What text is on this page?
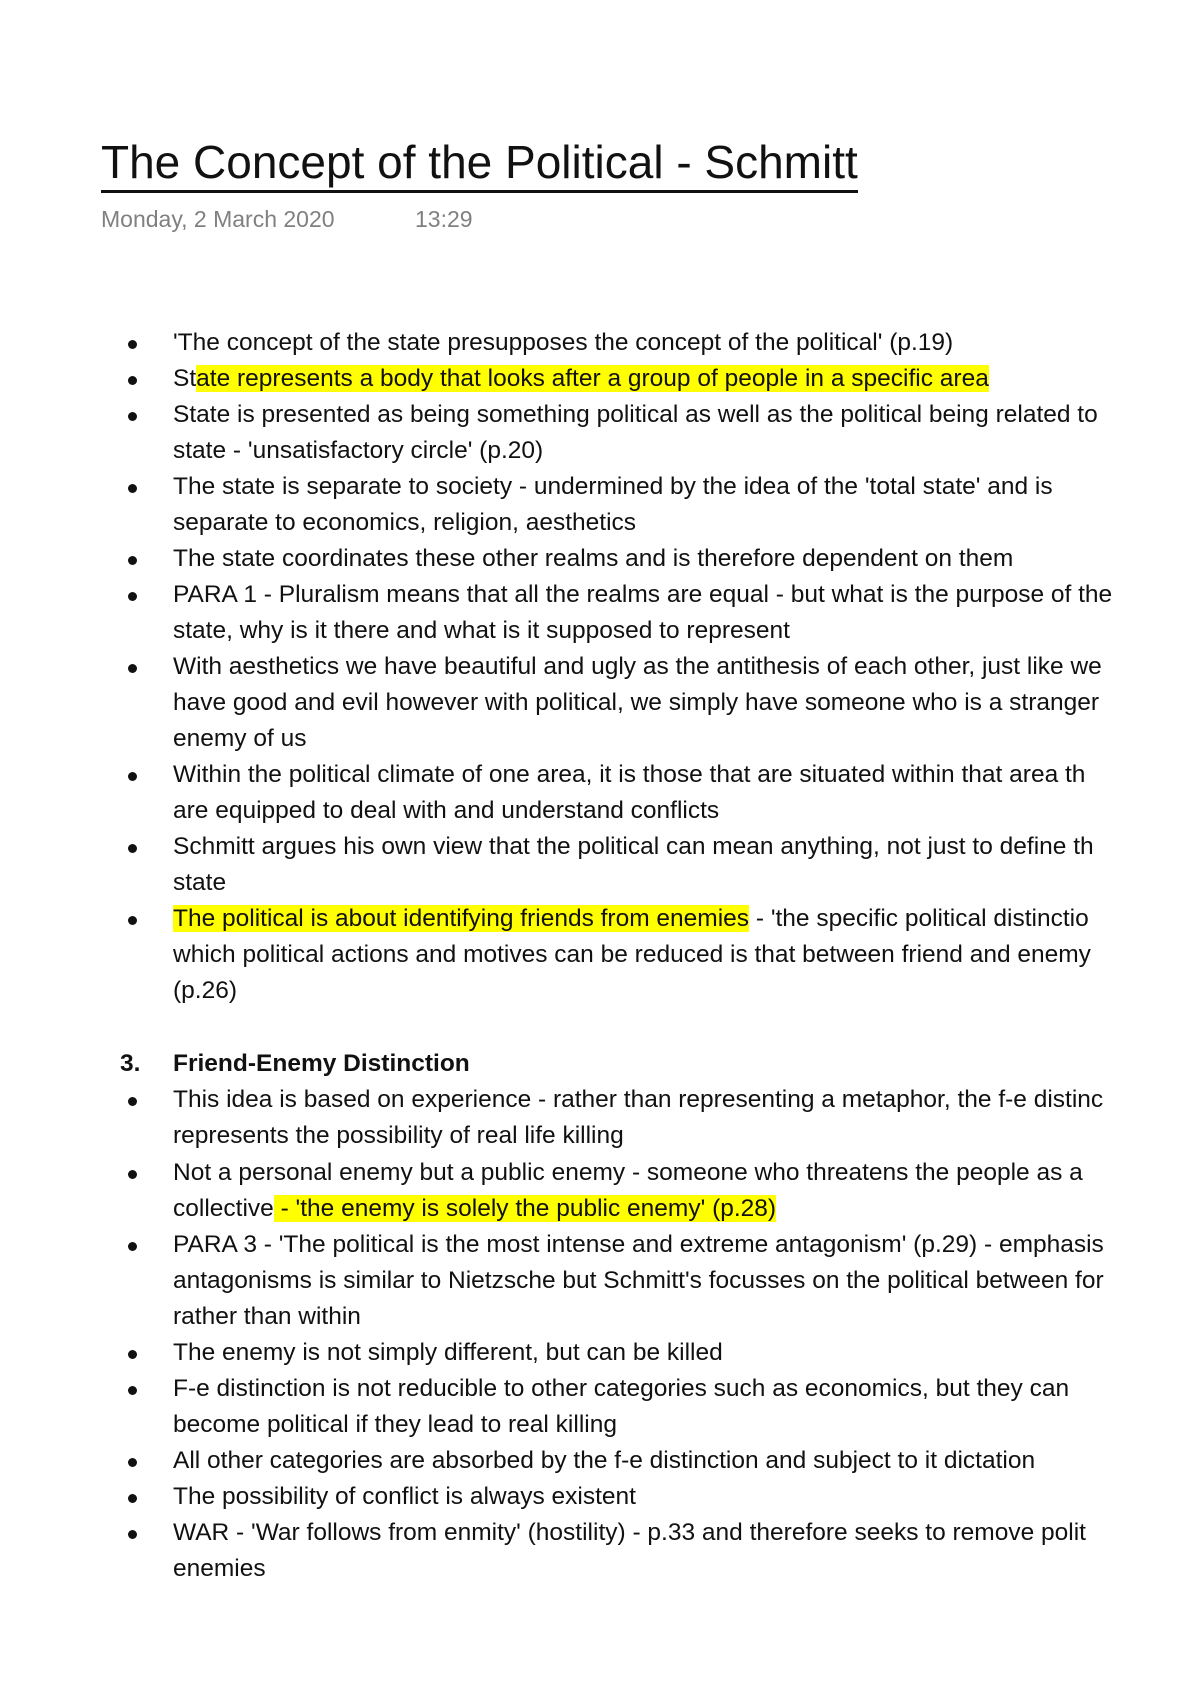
The Concept of the Political - Schmitt
Monday, 2 March 2020	13:29
3.
'The concept of the state presupposes the concept of the political' (p.19)
State represents a body that looks after a group of people in a specific area
State is presented as being something political as well as the political being related to
state - 'unsatisfactory circle' (p.20)
The state is separate to society - undermined by the idea of the 'total state' and is
separate to economics, religion, aesthetics
The state coordinates these other realms and is therefore dependent on them
PARA 1 - Pluralism means that all the realms are equal - but what is the purpose of the
state, why is it there and what is it supposed to represent
With aesthetics we have beautiful and ugly as the antithesis of each other, just like we
have good and evil however with political, we simply have someone who is a stranger
enemy of us
Within the political climate of one area, it is those that are situated within that area th
are equipped to deal with and understand conflicts
Schmitt argues his own view that the political can mean anything, not just to define th
state
The political is about identifying friends from enemies - 'the specific political distinctio
which political actions and motives can be reduced is that between friend and enemy
(p.26)
Friend-Enemy Distinction
This idea is based on experience - rather than representing a metaphor, the f-e distinc
represents the possibility of real life killing
Not a personal enemy but a public enemy - someone who threatens the people as a
collective - 'the enemy is solely the public enemy' (p.28)
PARA 3 - 'The political is the most intense and extreme antagonism' (p.29) - emphasis
antagonisms is similar to Nietzsche but Schmitt's focusses on the political between for
rather than within
The enemy is not simply different, but can be killed
F-e distinction is not reducible to other categories such as economics, but they can
become political if they lead to real killing
All other categories are absorbed by the f-e distinction and subject to it dictation
The possibility of conflict is always existent
WAR - 'War follows from enmity' (hostility) - p.33 and therefore seeks to remove polit
enemies
